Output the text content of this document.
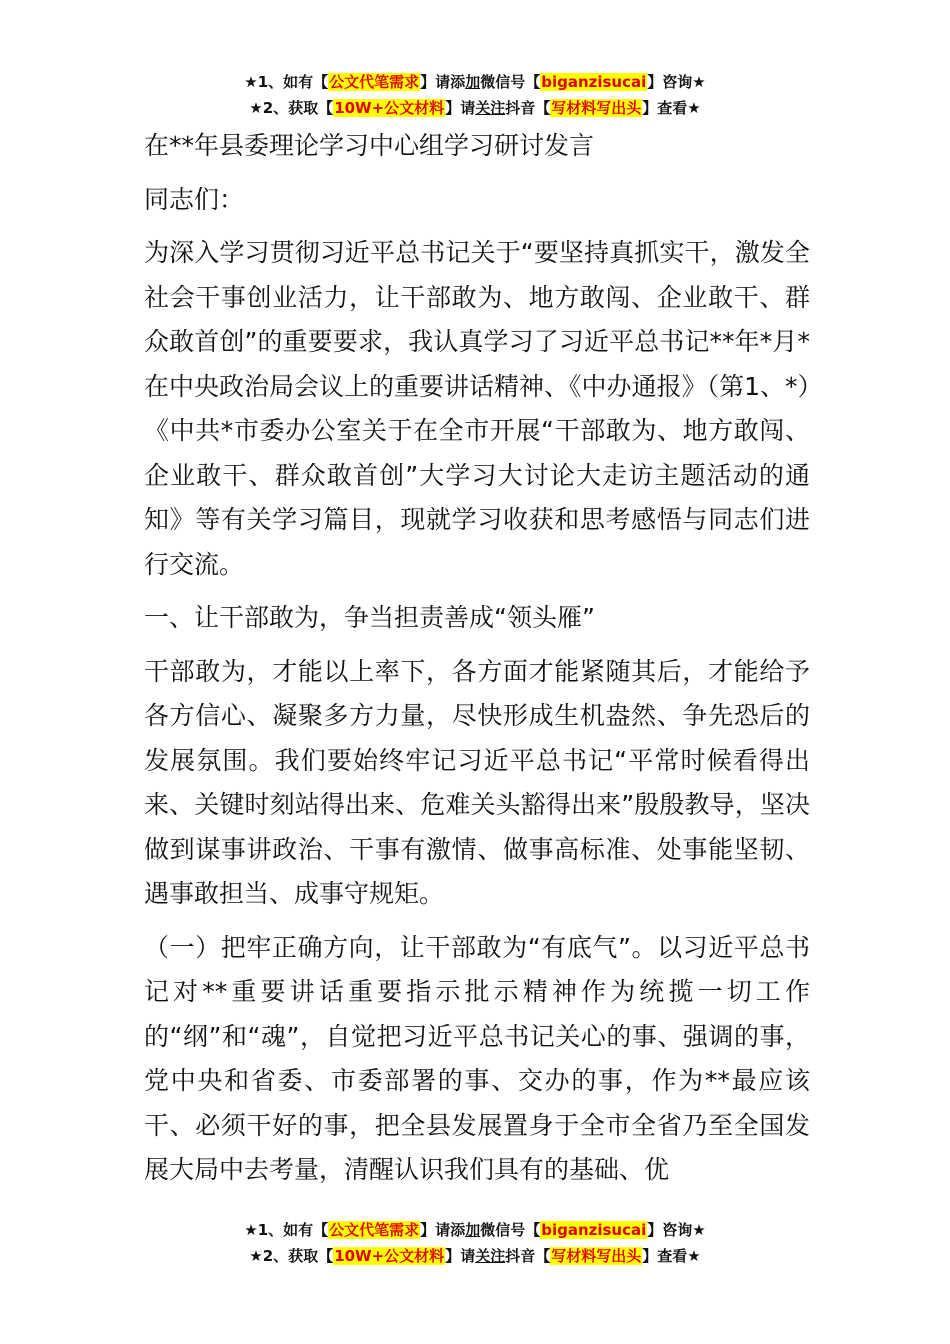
★1、如有【公文代笔需求】请添加微信号【biganzisucai】咨询★
★2、获取【10W+公文材料】请关注抖音【写材料写出头】查看★

在**年县委理论学习中心组学习研讨发言

同志们：

为深入学习贯彻习近平总书记关于“要坚持真抓实干，激发全社会干事创业活力，让干部敢为、地方敢闯、企业敢干、群众敢首创”的重要要求，我认真学习了习近平总书记**年*月*在中央政治局会议上的重要讲话精神、《中办通报》（第1、*）《中共*市委办公室关于在全市开展“干部敢为、地方敢闯、企业敢干、群众敢首创”大学习大讨论大走访主题活动的通知》等有关学习篇目，现就学习收获和思考感悟与同志们进行交流。

一、让干部敢为，争当担责善成“领头雁”

干部敢为，才能以上率下，各方面才能紧随其后，才能给予各方信心、凝聚多方力量，尽快形成生机盎然、争先恐后的发展氛围。我们要始终牢记习近平总书记“平常时候看得出来、关键时刻站得出来、危难关头豁得出来”殷殷教导，坚决做到谋事讲政治、干事有激情、做事高标准、处事能坚韧、遇事敢担当、成事守规矩。

（一）把牢正确方向，让干部敢为“有底气”。以习近平总书记对**重要讲话重要指示批示精神作为统揽一切工作的“纲”和“魂”，自觉把习近平总书记关心的事、强调的事，党中央和省委、市委部署的事、交办的事，作为**最应该干、必须干好的事，把全县发展置身于全市全省乃至全国发展大局中去考量，清醒认识我们具有的基础、优

★1、如有【公文代笔需求】请添加微信号【biganzisucai】咨询★
★2、获取【10W+公文材料】请关注抖音【写材料写出头】查看★
